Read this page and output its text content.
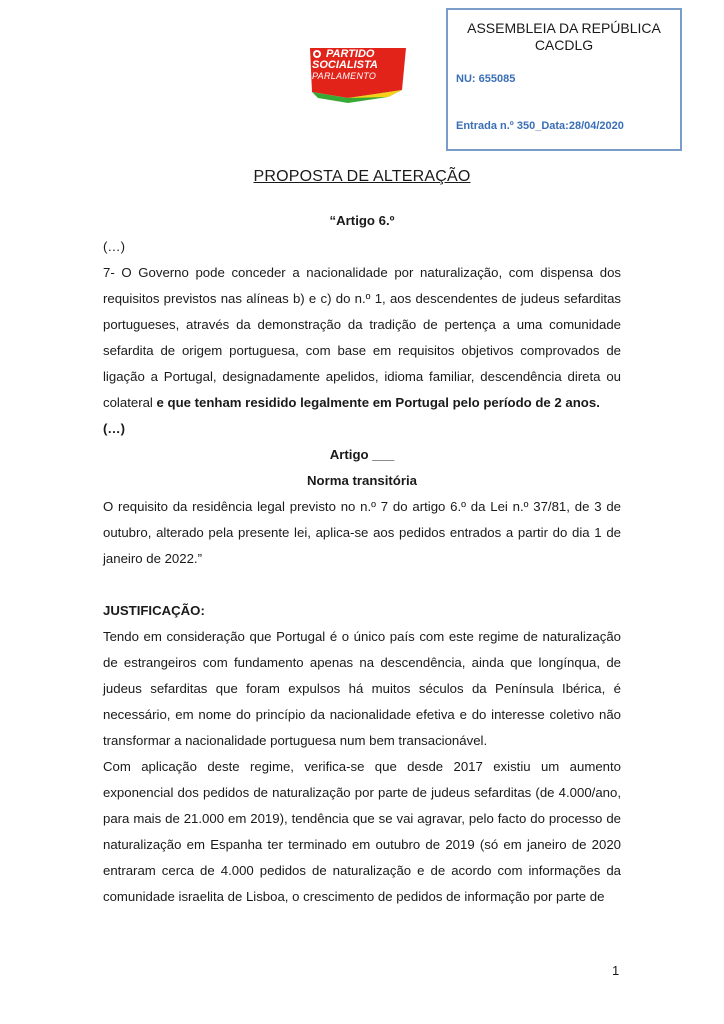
ASSEMBLEIA DA REPÚBLICA
CACDLG
NU: 655085
Entrada n.º 350_Data:28/04/2020
PARTIDO
SOCIALISTA
PARLAMENTO
PROPOSTA DE ALTERAÇÃO

“Artigo 6.º

(…)

7- O Governo pode conceder a nacionalidade por naturalização, com dispensa dos requisitos previstos nas alíneas b) e c) do n.º 1, aos descendentes de judeus sefarditas portugueses, através da demonstração da tradição de pertença a uma comunidade sefardita de origem portuguesa, com base em requisitos objetivos comprovados de ligação a Portugal, designadamente apelidos, idioma familiar, descendência direta ou colateral e que tenham residido legalmente em Portugal pelo período de 2 anos.

(…)

Artigo ___

Norma transitória

O requisito da residência legal previsto no n.º 7 do artigo 6.º da Lei n.º 37/81, de 3 de outubro, alterado pela presente lei, aplica-se aos pedidos entrados a partir do dia 1 de janeiro de 2022.”

JUSTIFICAÇÃO:

Tendo em consideração que Portugal é o único país com este regime de naturalização de estrangeiros com fundamento apenas na descendência, ainda que longínqua, de judeus sefarditas que foram expulsos há muitos séculos da Península Ibérica, é necessário, em nome do princípio da nacionalidade efetiva e do interesse coletivo não transformar a nacionalidade portuguesa num bem transacionável.

Com aplicação deste regime, verifica-se que desde 2017 existiu um aumento exponencial dos pedidos de naturalização por parte de judeus sefarditas (de 4.000/ano, para mais de 21.000 em 2019), tendência que se vai agravar, pelo facto do processo de naturalização em Espanha ter terminado em outubro de 2019 (só em janeiro de 2020 entraram cerca de 4.000 pedidos de naturalização e de acordo com informações da comunidade israelita de Lisboa, o crescimento de pedidos de informação por parte de

1
